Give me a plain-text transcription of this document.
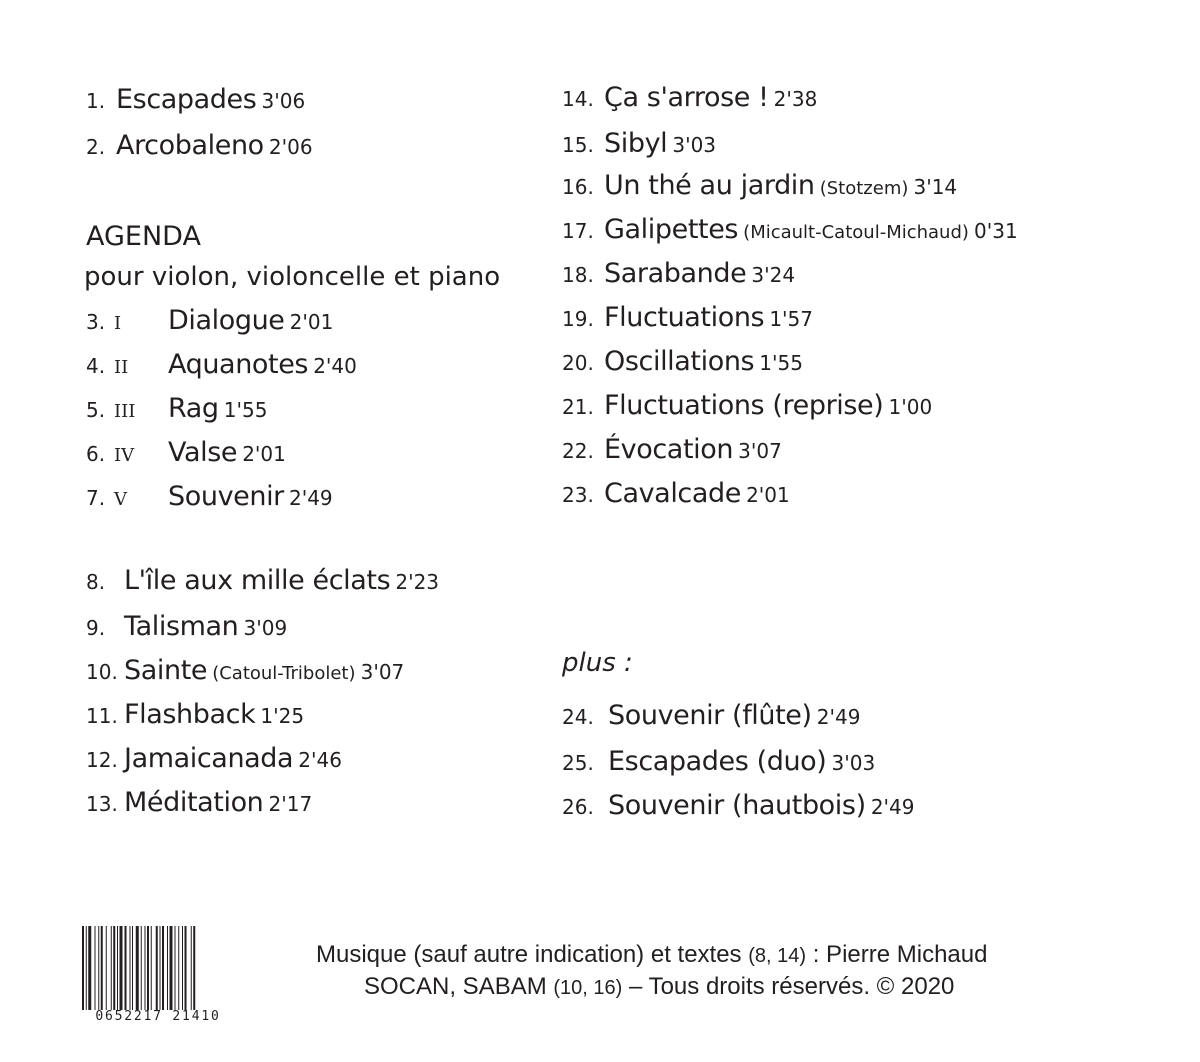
1. Escapades 3'06
2. Arcobaleno 2'06
AGENDA
pour violon, violoncelle et piano
3. I Dialogue 2'01
4. II Aquanotes 2'40
5. III Rag 1'55
6. IV Valse 2'01
7. V Souvenir 2'49
8. L'île aux mille éclats 2'23
9. Talisman 3'09
10. Sainte (Catoul-Tribolet) 3'07
11. Flashback 1'25
12. Jamaicanada 2'46
13. Méditation 2'17
14. Ça s'arrose ! 2'38
15. Sibyl 3'03
16. Un thé au jardin (Stotzem) 3'14
17. Galipettes (Micault-Catoul-Michaud) 0'31
18. Sarabande 3'24
19. Fluctuations 1'57
20. Oscillations 1'55
21. Fluctuations (reprise) 1'00
22. Évocation 3'07
23. Cavalcade 2'01
plus :
24. Souvenir (flûte) 2'49
25. Escapades (duo) 3'03
26. Souvenir (hautbois) 2'49
0652217 21410
Musique (sauf autre indication) et textes (8, 14) : Pierre Michaud
SOCAN, SABAM (10, 16) – Tous droits réservés. © 2020
